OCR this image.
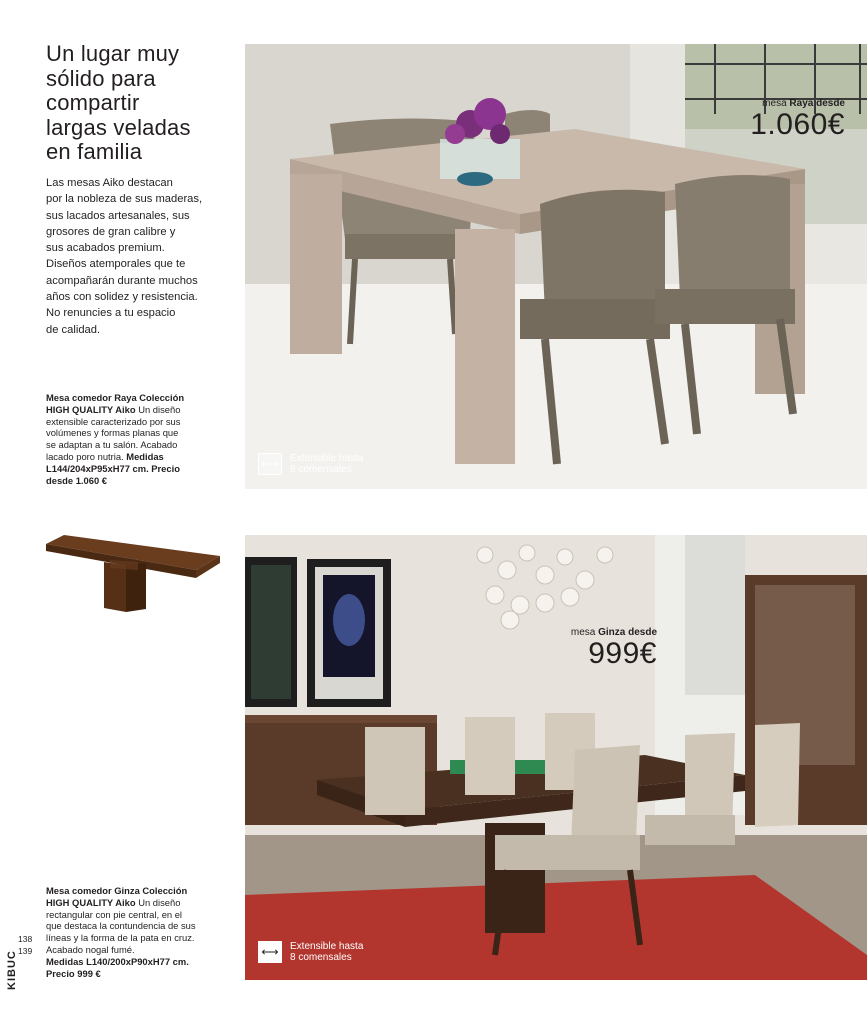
Un lugar muy
sólido para
compartir
largas veladas
en familia

Las mesas Aiko destacan
por la nobleza de sus maderas,
sus lacados artesanales, sus
grosores de gran calibre y
sus acabados premium.
Diseños atemporales que te
acompañarán durante muchos
años con solidez y resistencia.
No renuncies a tu espacio
de calidad.

Mesa comedor Raya Colección
HIGH QUALITY Aiko Un diseño
extensible caracterizado por sus
volúmenes y formas planas que
se adaptan a tu salón. Acabado
lacado poro nutria. Medidas
L144/204xP95xH77 cm. Precio
desde 1.060 €

Mesa comedor Ginza Colección
HIGH QUALITY Aiko Un diseño
rectangular con pie central, en el
que destaca la contundencia de sus
líneas y la forma de la pata en cruz.
Acabado nogal fumé.
Medidas L140/200xP90xH77 cm.
Precio 999 €

138
139
KIBUC
mesa Raya desde
1.060€
⟷	Extensible hasta
8 comensales
mesa Ginza desde
999€
⟷	Extensible hasta
8 comensales
